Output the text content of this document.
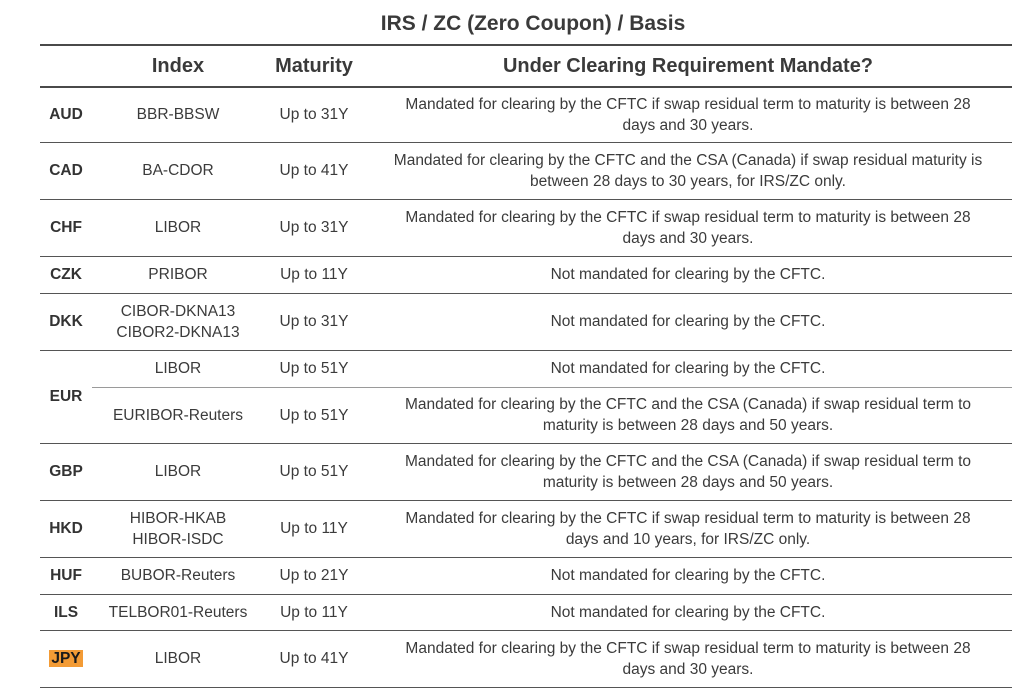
IRS / ZC (Zero Coupon) / Basis
	Index	Maturity	Under Clearing Requirement Mandate?
AUD	BBR-BBSW	Up to 31Y	Mandated for clearing by the CFTC if swap residual term to maturity is between 28
days and 30 years.

CAD	BA-CDOR	Up to 41Y	Mandated for clearing by the CFTC and the CSA (Canada) if swap residual maturity is
between 28 days to 30 years, for IRS/ZC only.

CHF	LIBOR	Up to 31Y	Mandated for clearing by the CFTC if swap residual term to maturity is between 28
days and 30 years.

CZK	PRIBOR	Up to 11Y	Not mandated for clearing by the CFTC.
DKK	CIBOR-DKNA13
CIBOR2-DKNA13	Up to 31Y	Not mandated for clearing by the CFTC.
EUR	LIBOR	Up to 51Y	Not mandated for clearing by the CFTC.
	EURIBOR-Reuters	Up to 51Y	Mandated for clearing by the CFTC and the CSA (Canada) if swap residual term to
maturity is between 28 days and 50 years.

GBP	LIBOR	Up to 51Y	Mandated for clearing by the CFTC and the CSA (Canada) if swap residual term to
maturity is between 28 days and 50 years.

HKD	HIBOR-HKAB
HIBOR-ISDC	Up to 11Y	Mandated for clearing by the CFTC if swap residual term to maturity is between 28
days and 10 years, for IRS/ZC only.

HUF	BUBOR-Reuters	Up to 21Y	Not mandated for clearing by the CFTC.
ILS	TELBOR01-Reuters	Up to 11Y	Not mandated for clearing by the CFTC.
JPY	LIBOR	Up to 41Y	Mandated for clearing by the CFTC if swap residual term to maturity is between 28
days and 30 years.
